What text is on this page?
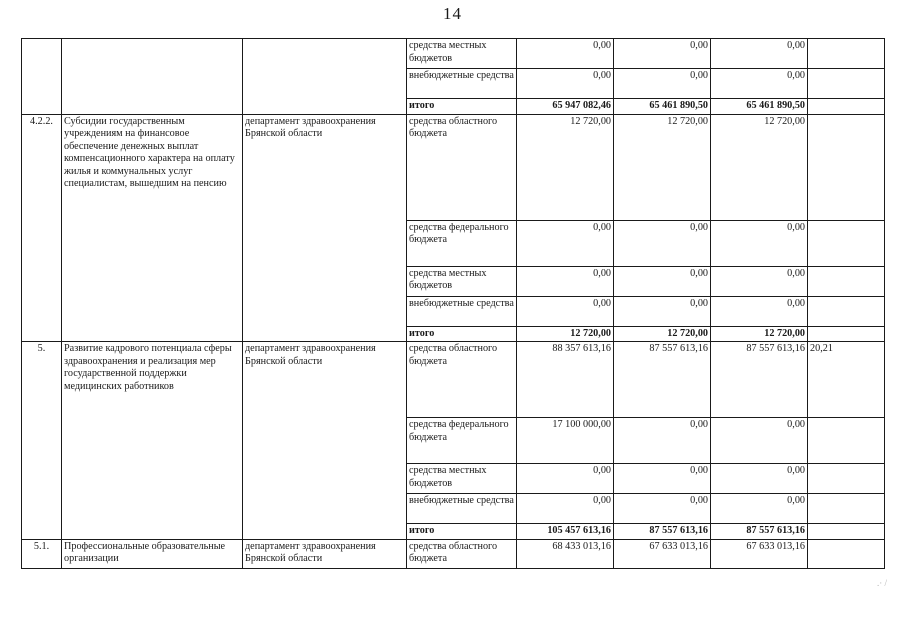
14
			средства местных бюджетов	0,00	0,00	0,00	
			внебюджетные средства	0,00	0,00	0,00	
			итого	65 947 082,46	65 461 890,50	65 461 890,50	
4.2.2.	Субсидии государственным учреждениям на финансовое обеспечение денежных выплат компенсационного характера на оплату жилья и коммунальных услуг специалистам, вышедшим на пенсию	департамент здравоохранения Брянской области	средства областного бюджета	12 720,00	12 720,00	12 720,00	
			средства федерального бюджета	0,00	0,00	0,00	
			средства местных бюджетов	0,00	0,00	0,00	
			внебюджетные средства	0,00	0,00	0,00	
			итого	12 720,00	12 720,00	12 720,00	
5.	Развитие кадрового потенциала сферы здравоохранения и реализация мер государственной поддержки медицинских работников	департамент здравоохранения Брянской области	средства областного бюджета	88 357 613,16	87 557 613,16	87 557 613,16	20,21
			средства федерального бюджета	17 100 000,00	0,00	0,00	
			средства местных бюджетов	0,00	0,00	0,00	
			внебюджетные средства	0,00	0,00	0,00	
			итого	105 457 613,16	87 557 613,16	87 557 613,16	
5.1.	Профессиональные образовательные организации	департамент здравоохранения Брянской области	средства областного бюджета	68 433 013,16	67 633 013,16	67 633 013,16	
.· /
